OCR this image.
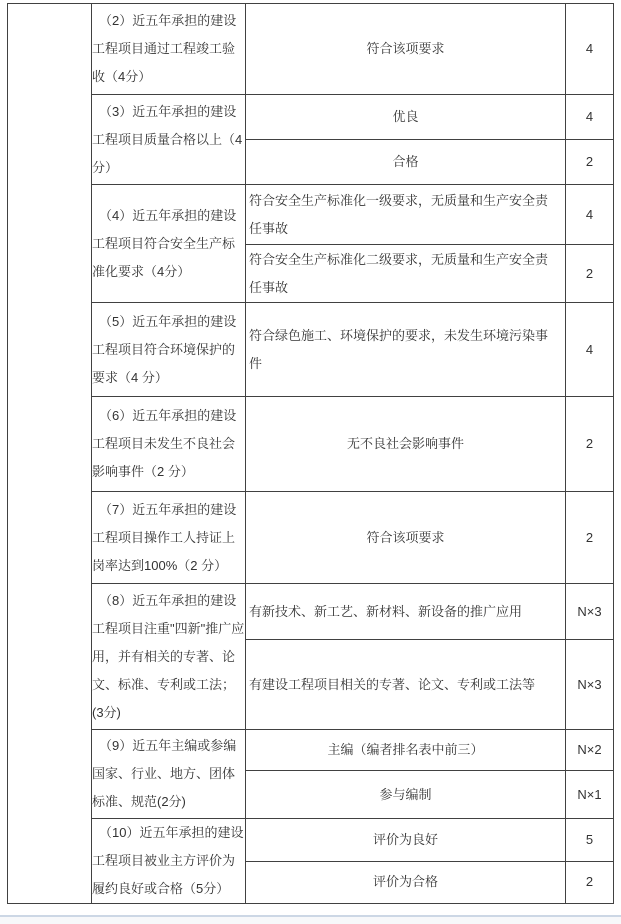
	（2）近五年承担的建设工程项目通过工程竣工验收（4分）	符合该项要求	4
	（3）近五年承担的建设工程项目质量合格以上（4分）	优良	4
		合格	2
	（4）近五年承担的建设工程项目符合安全生产标准化要求（4分）	符合安全生产标准化一级要求，无质量和生产安全责任事故	4
		符合安全生产标准化二级要求，无质量和生产安全责任事故	2
	（5）近五年承担的建设工程项目符合环境保护的要求（4 分）	符合绿色施工、环境保护的要求，未发生环境污染事件	4
	（6）近五年承担的建设工程项目未发生不良社会影响事件（2 分）	无不良社会影响事件	2
	（7）近五年承担的建设工程项目操作工人持证上岗率达到100%（2 分）	符合该项要求	2
	（8）近五年承担的建设工程项目注重"四新"推广应用，并有相关的专著、论文、标准、专利或工法；(3分)	有新技术、新工艺、新材料、新设备的推广应用	N×3
		有建设工程项目相关的专著、论文、专利或工法等	N×3
	（9）近五年主编或参编国家、行业、地方、团体标准、规范(2分)	主编（编者排名表中前三）	N×2
		参与编制	N×1
	（10）近五年承担的建设工程项目被业主方评价为履约良好或合格（5分）	评价为良好	5
		评价为合格	2
